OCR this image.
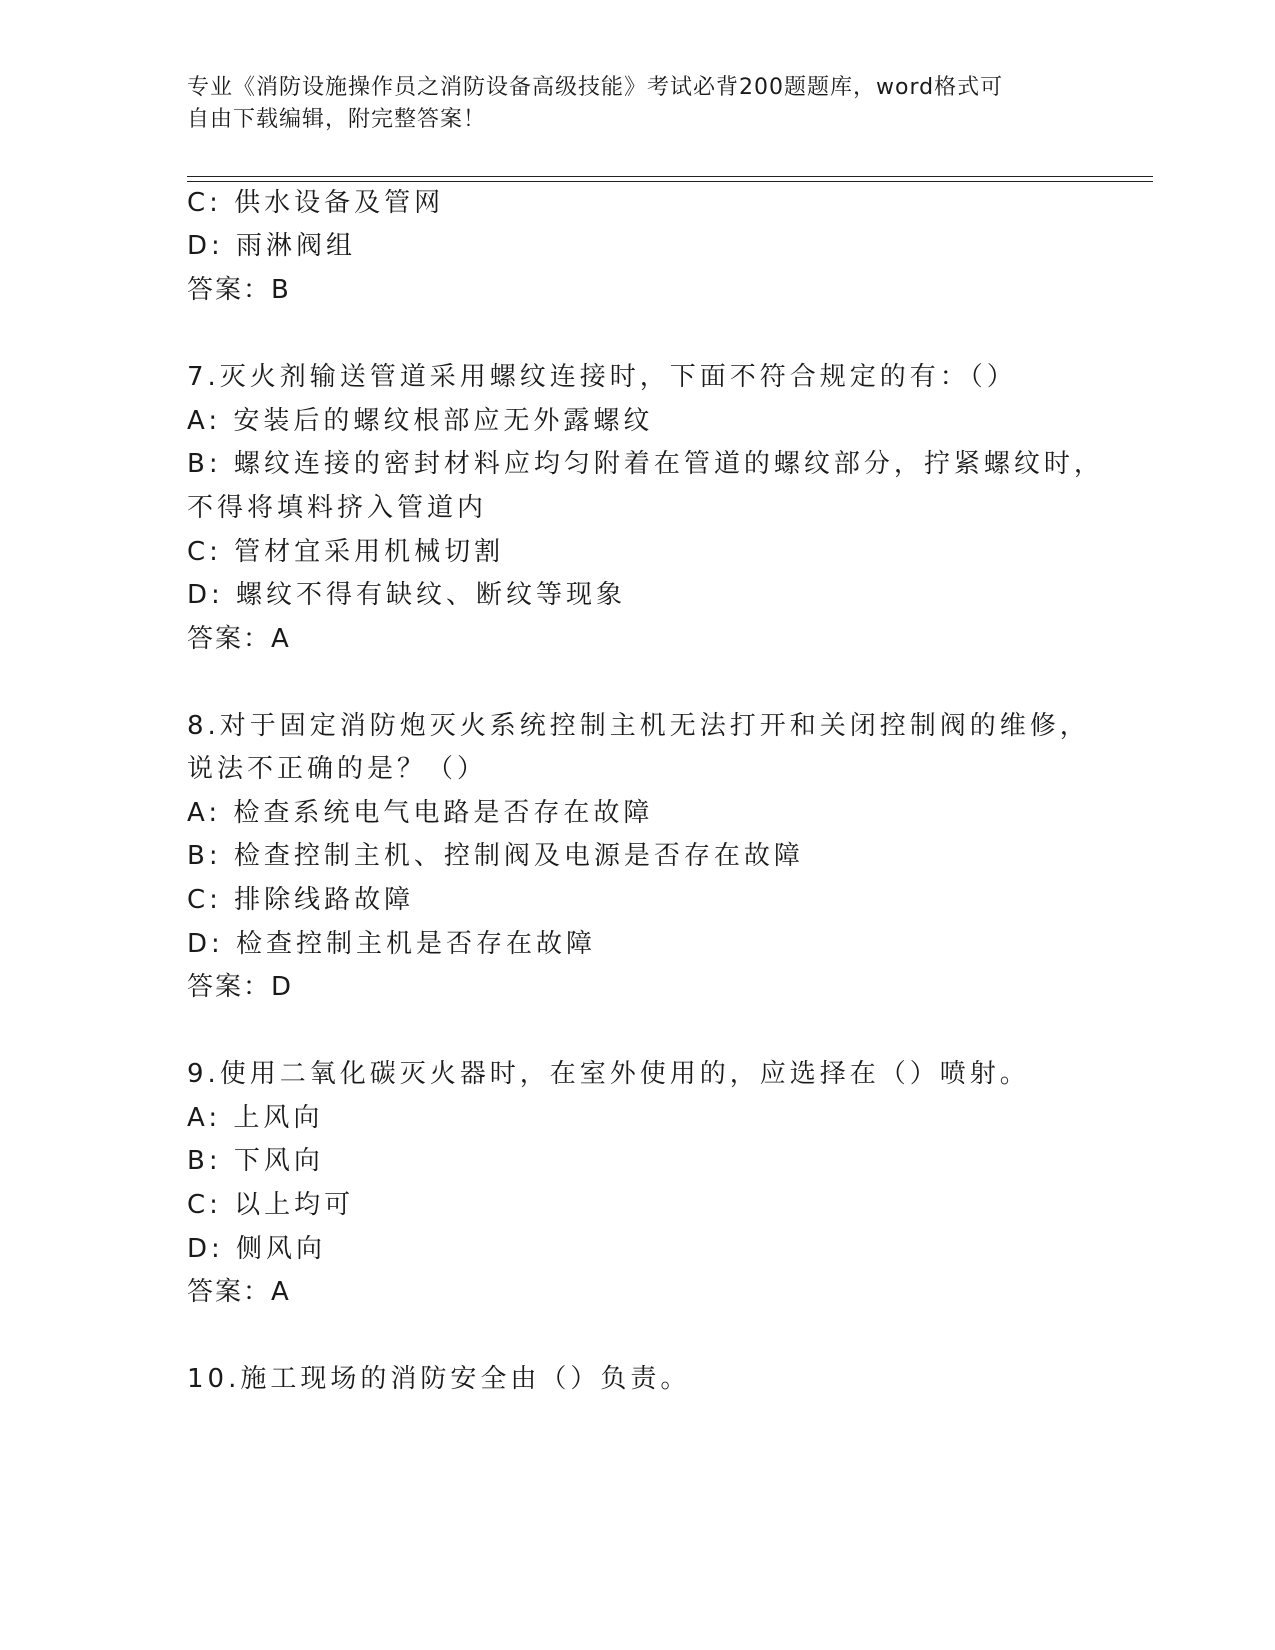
专业《消防设施操作员之消防设备高级技能》考试必背200题题库，word格式可
自由下载编辑，附完整答案！
C: 供水设备及管网
D: 雨淋阀组
答案：B
7.灭火剂输送管道采用螺纹连接时，下面不符合规定的有：（）
A: 安装后的螺纹根部应无外露螺纹
B: 螺纹连接的密封材料应均匀附着在管道的螺纹部分，拧紧螺纹时，
不得将填料挤入管道内
C: 管材宜采用机械切割
D: 螺纹不得有缺纹、断纹等现象
答案：A
8.对于固定消防炮灭火系统控制主机无法打开和关闭控制阀的维修，
说法不正确的是？（）
A: 检查系统电气电路是否存在故障
B: 检查控制主机、控制阀及电源是否存在故障
C: 排除线路故障
D: 检查控制主机是否存在故障
答案：D
9.使用二氧化碳灭火器时，在室外使用的，应选择在（）喷射。
A: 上风向
B: 下风向
C: 以上均可
D: 侧风向
答案：A
10.施工现场的消防安全由（）负责。
